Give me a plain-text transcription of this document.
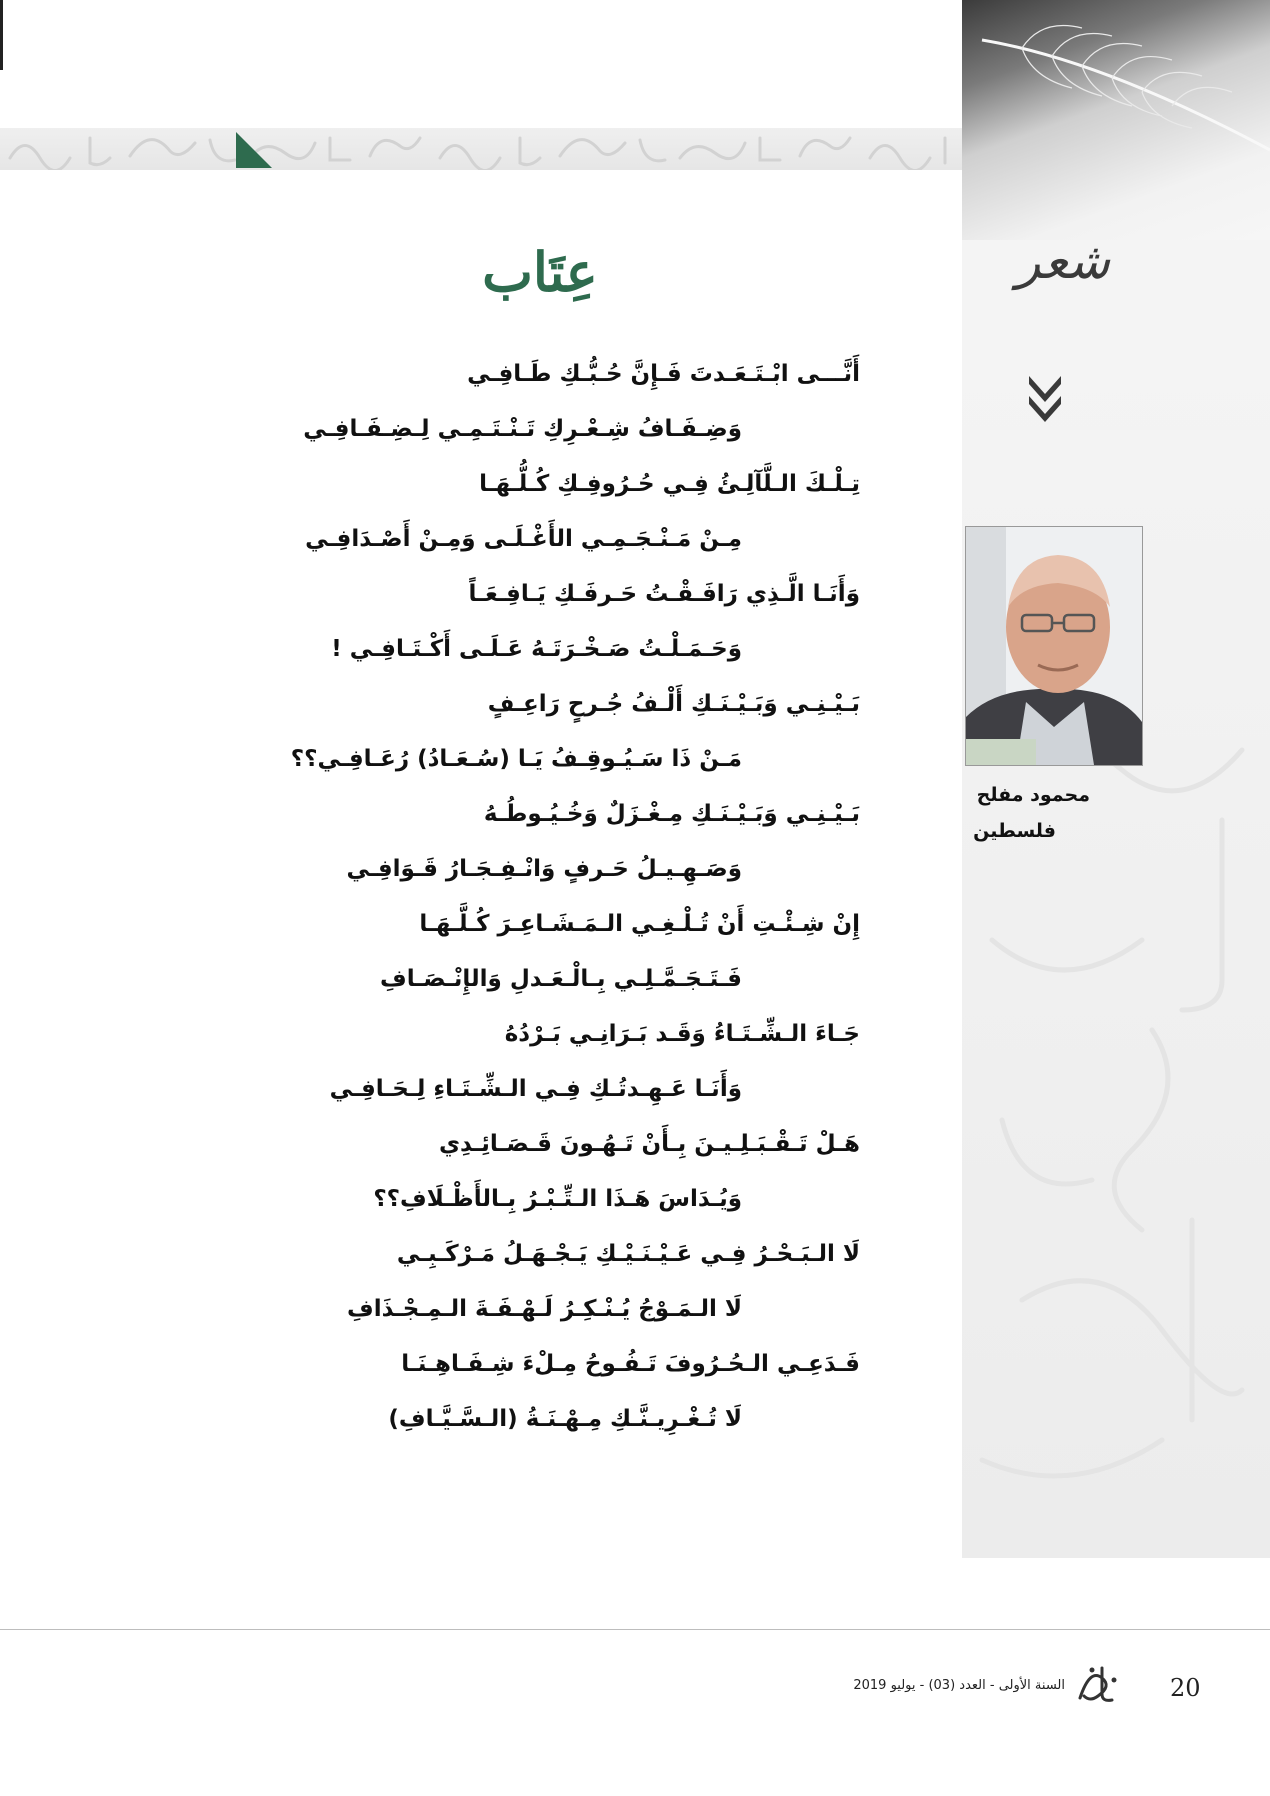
شعر
عِتَاب
محمود مفلح
فلسطين
أَنَّـــى ابْـتَـعَـدتَ فَـإِنَّ حُـبُّـكِ طَـافِـي
وَضِـفَـافُ شِـعْـرِكِ تَـنْـتَـمِـي لِـضِـفَـافِـي
تِـلْـكَ الـلَّآلِـئُ فِـي حُـرُوفِـكِ كُـلُّـهَـا
مِـنْ مَـنْـجَـمِـي الأَغْـلَـى وَمِـنْ أَصْـدَافِـي
وَأَنَـا الَّـذِي رَافَـقْـتُ حَـرفَـكِ يَـافِـعَـاً
وَحَـمَـلْـتُ صَـخْـرَتَـهُ عَـلَـى أَكْـتَـافِـي !
بَـيْـنِـي وَبَـيْـنَـكِ أَلْـفُ جُـرحٍ رَاعِـفٍ
مَـنْ ذَا سَـيُـوقِـفُ يَـا (سُـعَـادُ) رُعَـافِـي؟؟
بَـيْـنِـي وَبَـيْـنَـكِ مِـغْـزَلٌ وَخُـيُـوطُـهُ
وَصَـهِـيـلُ حَـرفٍ وَانْـفِـجَـارُ قَـوَافِـي
إِنْ شِـئْـتِ أَنْ تُـلْـغِـي الـمَـشَـاعِـرَ كُـلَّـهَـا
فَـتَـجَـمَّـلِـي بِـالْـعَـدلِ وَالإِنْـصَـافِ
جَـاءَ الـشِّـتَـاءُ وَقَـد بَـرَانِـي بَـرْدُهُ
وَأَنَـا عَـهِـدتُـكِ فِـي الـشِّـتَـاءِ لِـحَـافِـي
هَـلْ تَـقْـبَـلِـيـنَ بِـأَنْ تَـهُـونَ قَـصَـائِـدِي
وَيُـدَاسَ هَـذَا الـتِّـبْـرُ بِـالأَظْـلَافِ؟؟
لَا الـبَـحْـرُ فِـي عَـيْـنَـيْـكِ يَـجْـهَـلُ مَـرْكَـبِـي
لَا الـمَـوْجُ يُـنْـكِـرُ لَـهْـفَـةَ الـمِـجْـذَافِ
فَـدَعِـي الـحُـرُوفَ تَـفُـوحُ مِـلْءَ شِـفَـاهِـنَـا
لَا تُـغْـرِيـنَّـكِ مِـهْـنَـةُ (الـسَّـيَّـافِ)
20
السنة الأولى - العدد (03) - يوليو 2019
